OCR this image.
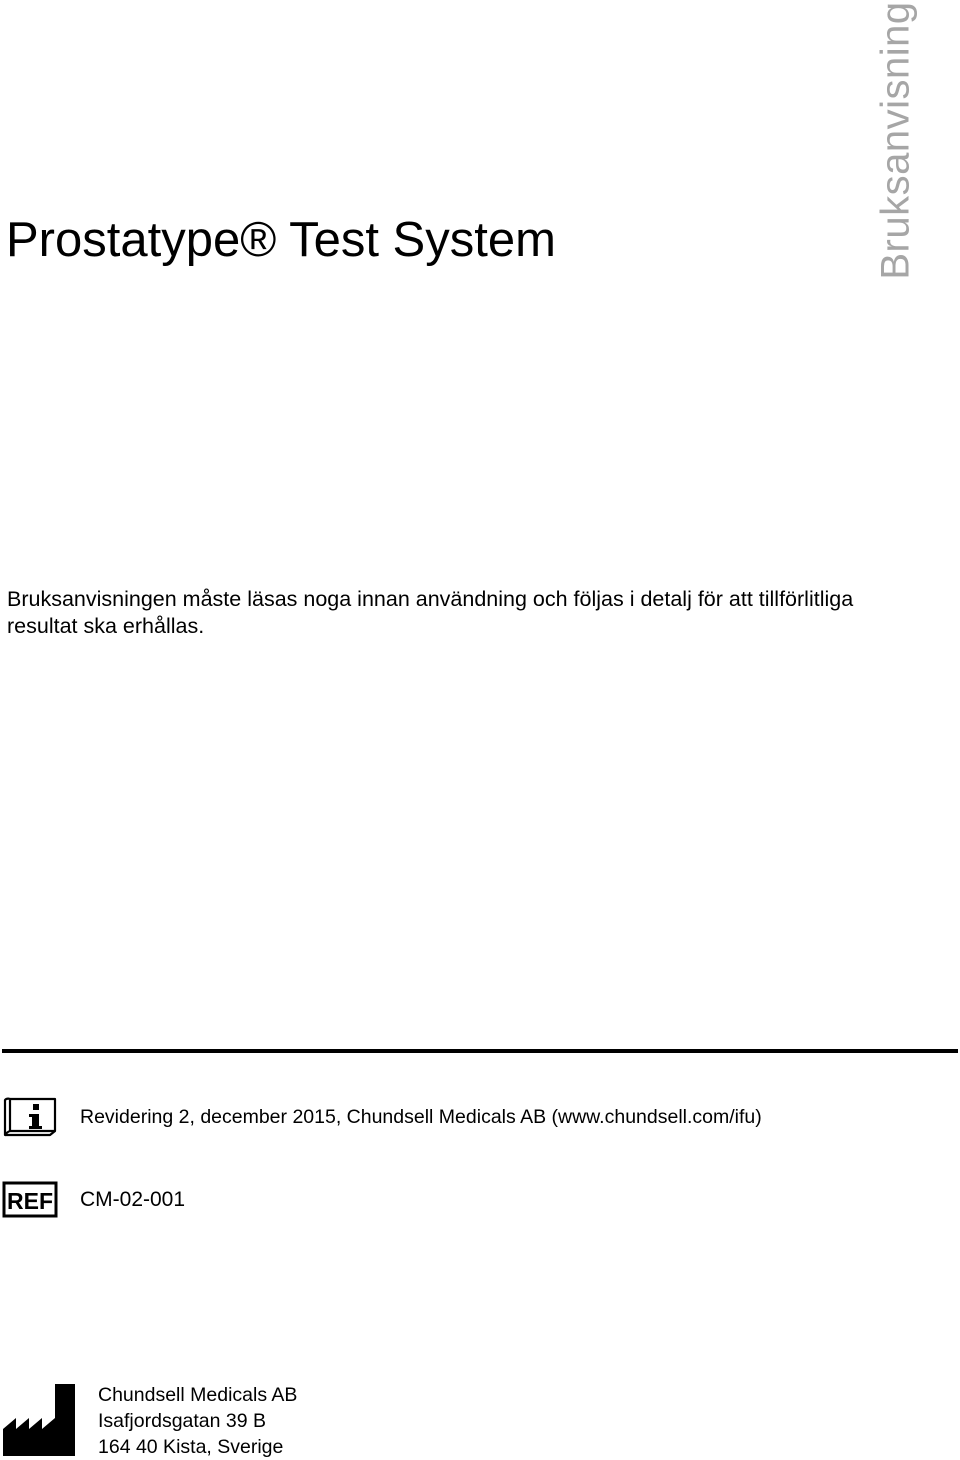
Bruksanvisning
Prostatype® Test System

Bruksanvisningen måste läsas noga innan användning och följas i detalj för att tillförlitliga resultat ska erhållas.

Revidering 2, december 2015, Chundsell Medicals AB (www.chundsell.com/ifu)
REF CM-02-001
Chundsell Medicals AB
Isafjordsgatan 39 B
164 40 Kista, Sverige
